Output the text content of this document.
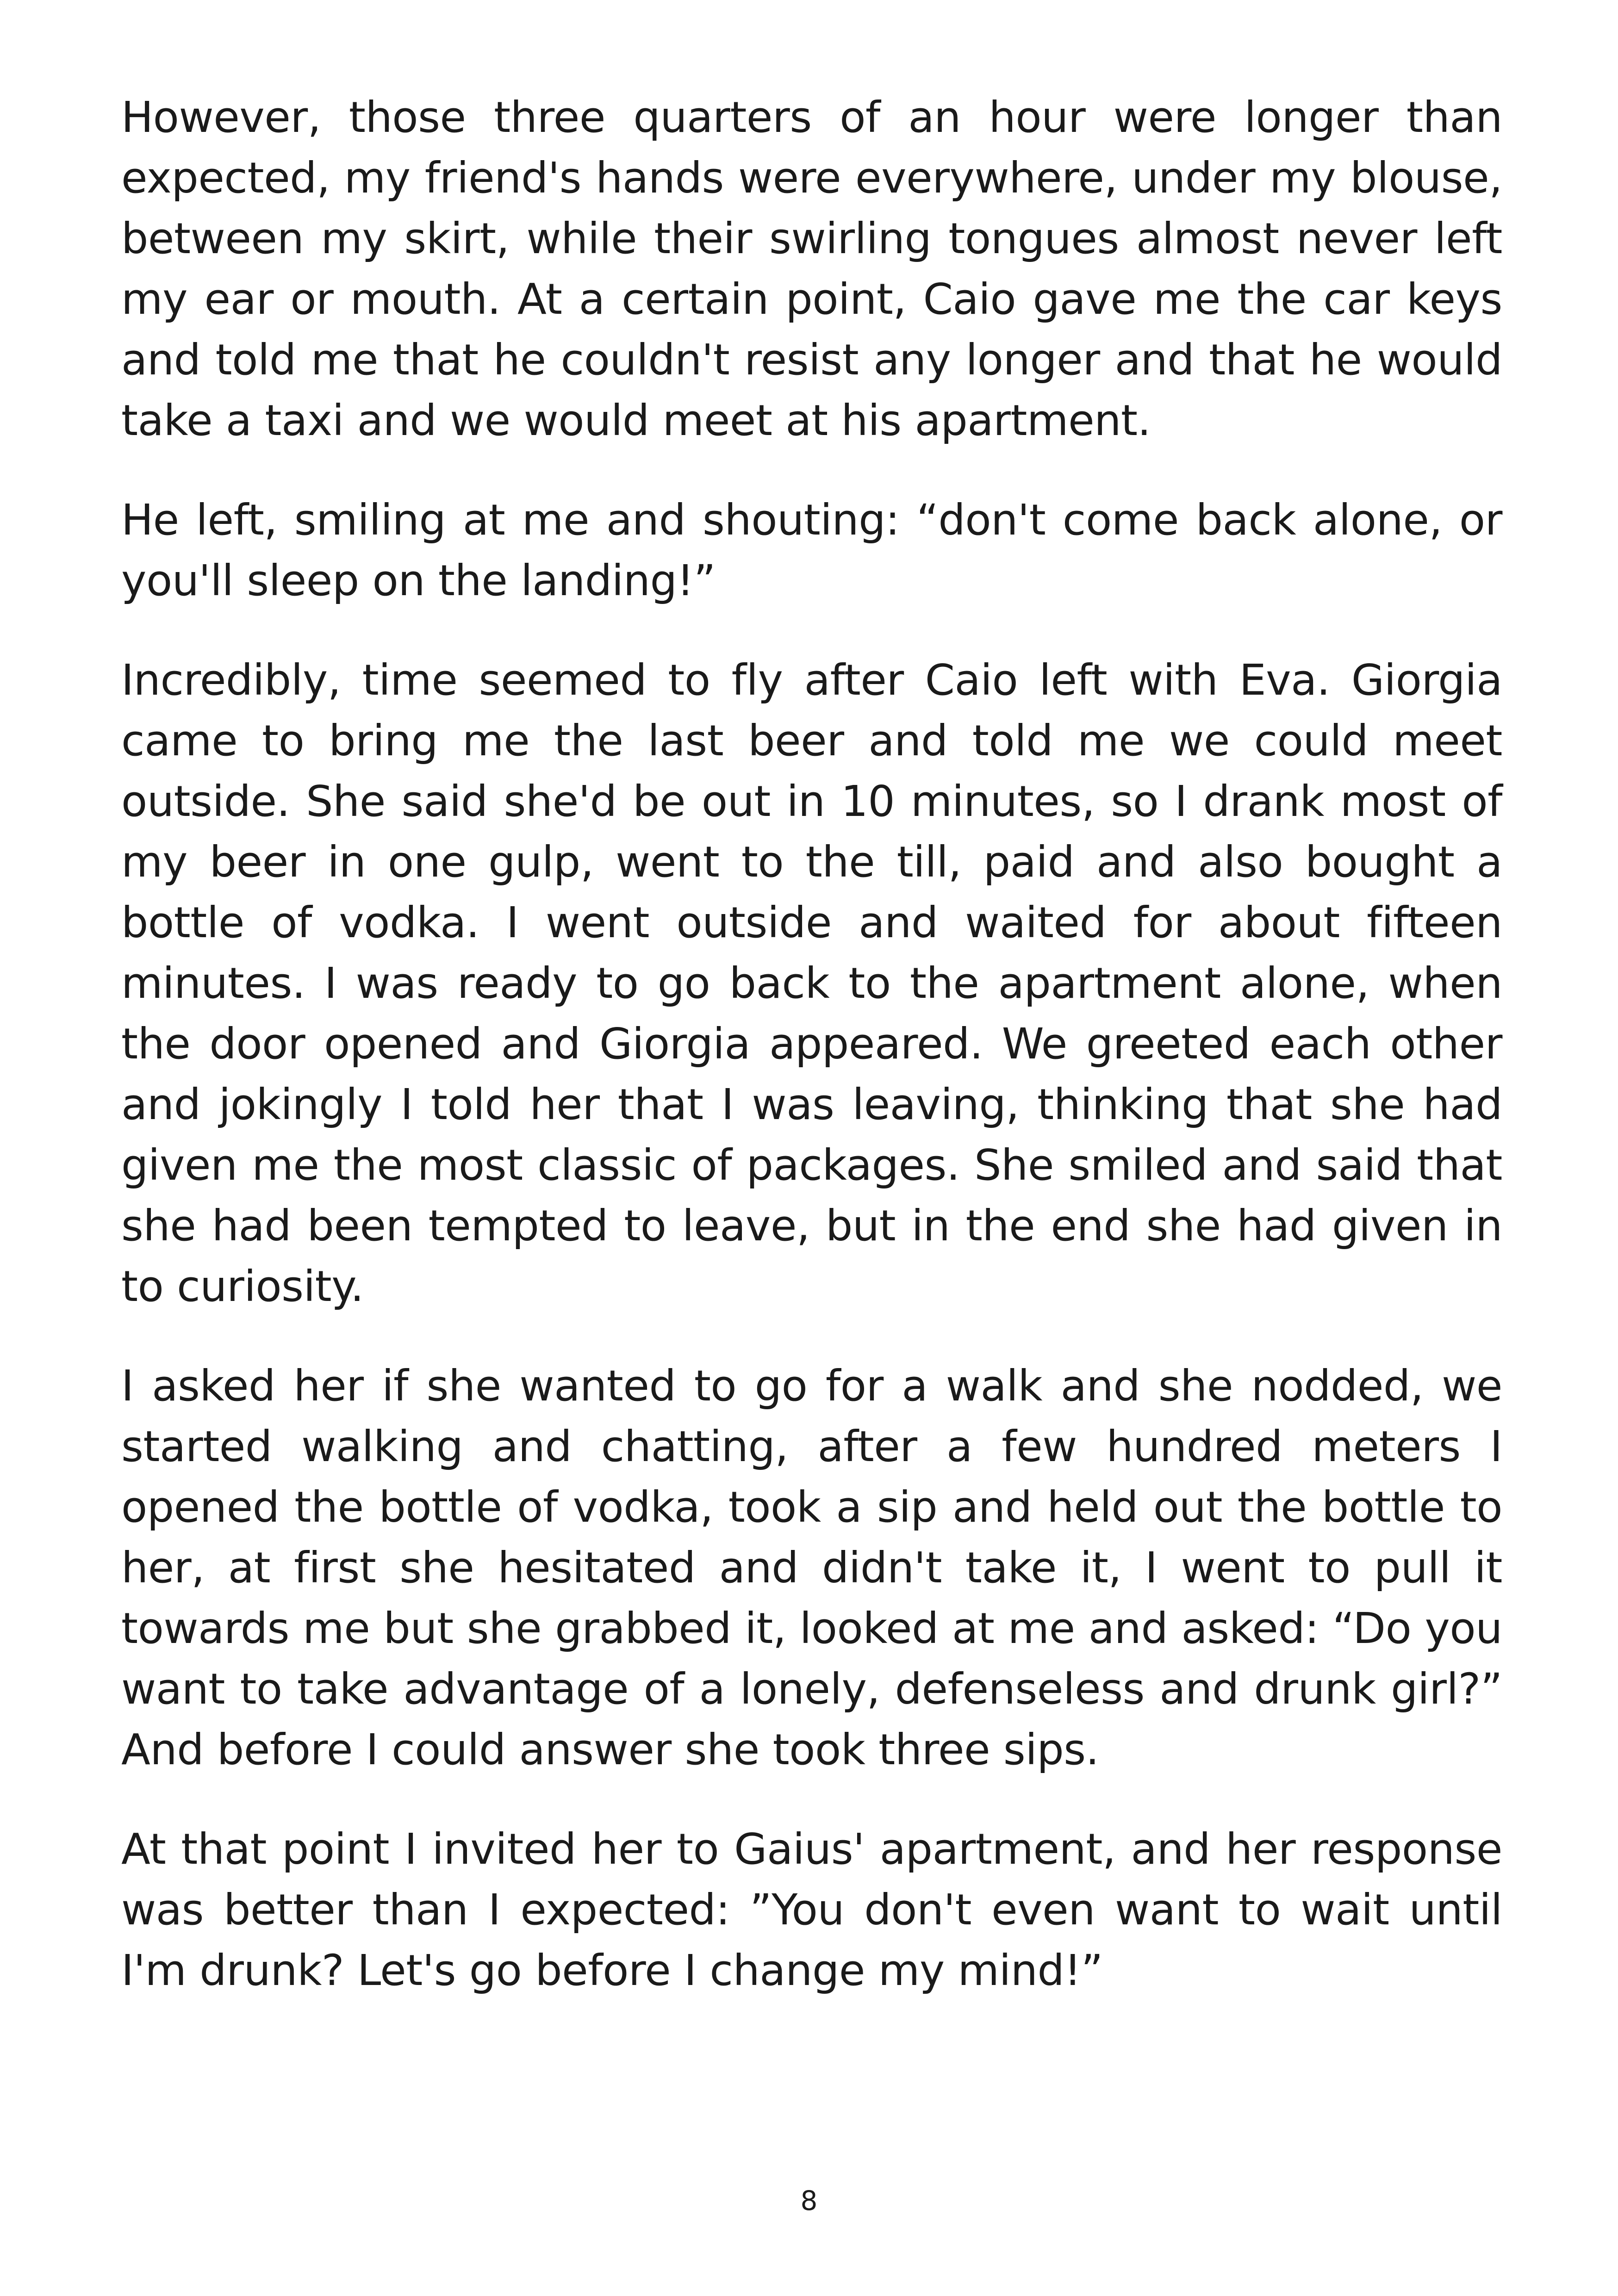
However, those three quarters of an hour were longer than expected, my friend's hands were everywhere, under my blouse, between my skirt, while their swirling tongues almost never left my ear or mouth. At a certain point, Caio gave me the car keys and told me that he couldn't resist any longer and that he would take a taxi and we would meet at his apartment.

He left, smiling at me and shouting: “don't come back alone, or you'll sleep on the landing!”

Incredibly, time seemed to fly after Caio left with Eva. Giorgia came to bring me the last beer and told me we could meet outside. She said she'd be out in 10 minutes, so I drank most of my beer in one gulp, went to the till, paid and also bought a bottle of vodka. I went outside and waited for about fifteen minutes. I was ready to go back to the apartment alone, when the door opened and Giorgia appeared. We greeted each other and jokingly I told her that I was leaving, thinking that she had given me the most classic of packages. She smiled and said that she had been tempted to leave, but in the end she had given in to curiosity.

I asked her if she wanted to go for a walk and she nodded, we started walking and chatting, after a few hundred meters I opened the bottle of vodka, took a sip and held out the bottle to her, at first she hesitated and didn't take it, I went to pull it towards me but she grabbed it, looked at me and asked: “Do you want to take advantage of a lonely, defenseless and drunk girl?” And before I could answer she took three sips.

At that point I invited her to Gaius' apartment, and her response was better than I expected: ”You don't even want to wait until I'm drunk? Let's go before I change my mind!”

8
